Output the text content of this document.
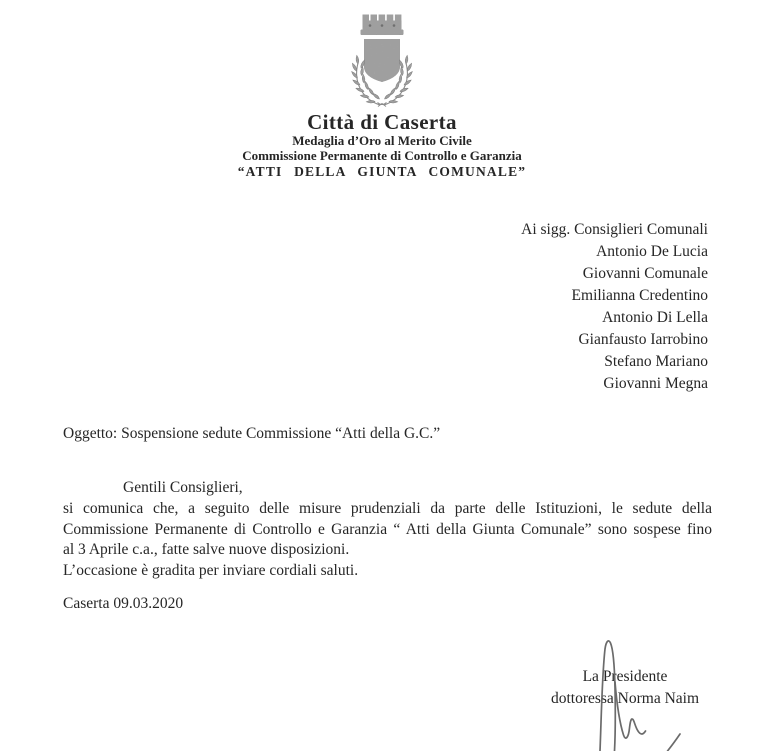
Città di Caserta
Medaglia d’Oro al Merito Civile
Commissione Permanente di Controllo e Garanzia
“ATTI DELLA GIUNTA COMUNALE”
Ai sigg. Consiglieri Comunali
Antonio De Lucia
Giovanni Comunale
Emilianna Credentino
Antonio Di Lella
Gianfausto Iarrobino
Stefano Mariano
Giovanni Megna
Oggetto: Sospensione sedute Commissione “Atti della G.C.”
Gentili Consiglieri,
si comunica che, a seguito delle misure prudenziali da parte delle Istituzioni, le sedute della
Commissione Permanente di Controllo e Garanzia “ Atti della Giunta Comunale” sono sospese fino
al 3 Aprile c.a., fatte salve nuove disposizioni.
L’occasione è gradita per inviare cordiali saluti.
Caserta 09.03.2020
La Presidente
dottoressa Norma Naim
